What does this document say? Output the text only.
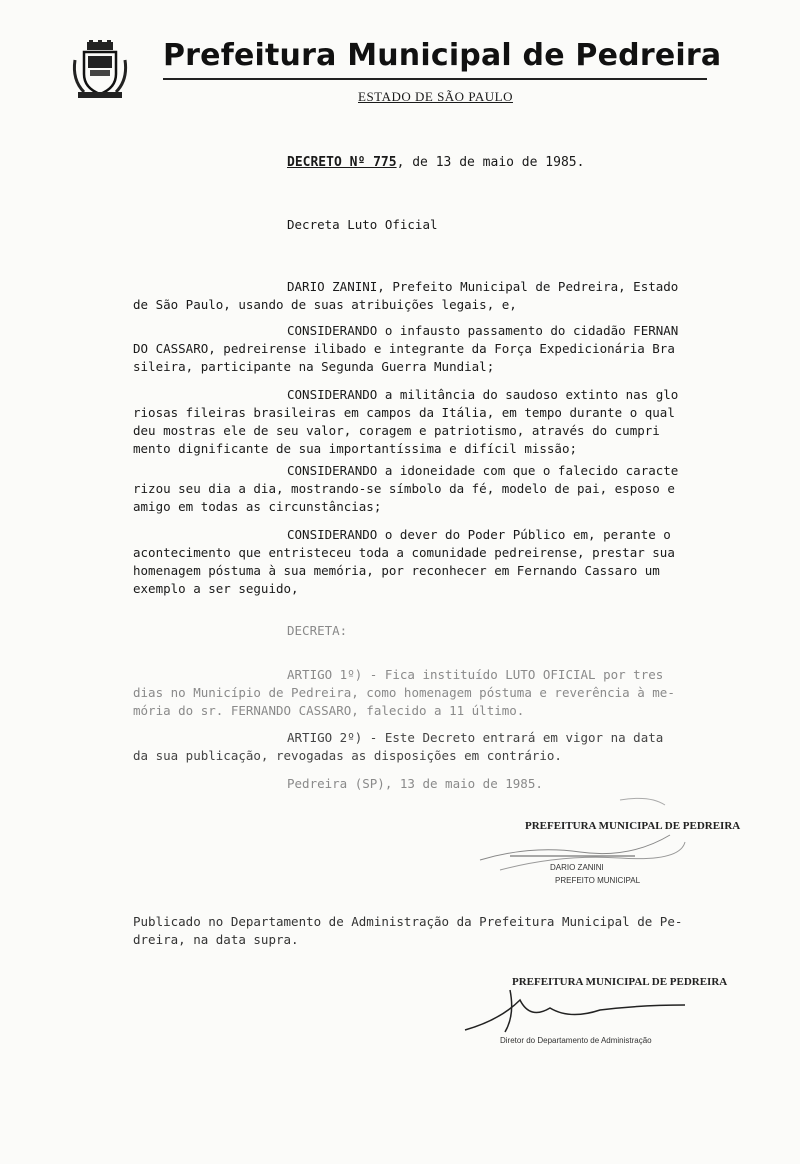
Prefeitura Municipal de Pedreira
ESTADO DE SÃO PAULO
DECRETO Nº 775, de 13 de maio de 1985.
Decreta Luto Oficial
DARIO ZANINI, Prefeito Municipal de Pedreira, Estado
de São Paulo, usando de suas atribuições legais, e,
CONSIDERANDO o infausto passamento do cidadão FERNAN
DO CASSARO, pedreirense ilibado e integrante da Força Expedicionária Bra
sileira, participante na Segunda Guerra Mundial;
CONSIDERANDO a militância do saudoso extinto nas glo
riosas fileiras brasileiras em campos da Itália, em tempo durante o qual
deu mostras ele de seu valor, coragem e patriotismo, através do cumpri
mento dignificante de sua importantíssima e difícil missão;
CONSIDERANDO a idoneidade com que o falecido caracte
rizou seu dia a dia, mostrando-se símbolo da fé, modelo de pai, esposo e
amigo em todas as circunstâncias;
CONSIDERANDO o dever do Poder Público em, perante o
acontecimento que entristeceu toda a comunidade pedreirense, prestar sua
homenagem póstuma à sua memória, por reconhecer em Fernando Cassaro um
exemplo a ser seguido,
DECRETA:
ARTIGO 1º) - Fica instituído LUTO OFICIAL por tres
dias no Município de Pedreira, como homenagem póstuma e reverência à me-
mória do sr. FERNANDO CASSARO, falecido a 11 último.
ARTIGO 2º) - Este Decreto entrará em vigor na data
da sua publicação, revogadas as disposições em contrário.
Pedreira (SP), 13 de maio de 1985.
PREFEITURA MUNICIPAL DE PEDREIRA
DARIO ZANINI
PREFEITO MUNICIPAL
Publicado no Departamento de Administração da Prefeitura Municipal de Pe-
dreira, na data supra.
PREFEITURA MUNICIPAL DE PEDREIRA
Diretor do Departamento de Administração
